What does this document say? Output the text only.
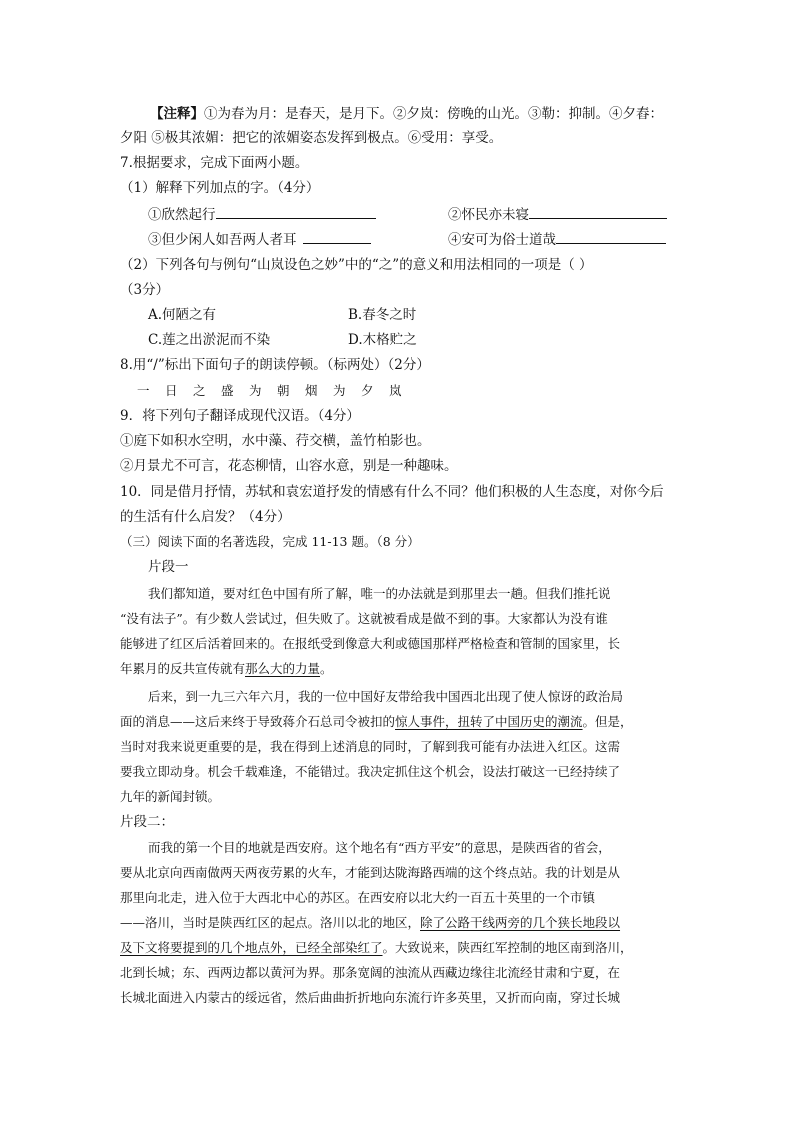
【注释】①为春为月：是春天，是月下。②夕岚：傍晚的山光。③勒：抑制。④夕舂：
夕阳 ⑤极其浓媚：把它的浓媚姿态发挥到极点。⑥受用：享受。
7.根据要求，完成下面两小题。
（1）解释下列加点的字。（4分）
①欣然起行	②怀民亦未寝
③但少闲人如吾两人者耳	④安可为俗士道哉
（2）下列各句与例句“山岚设色之妙”中的“之”的意义和用法相同的一项是（ ）
（3分）
A.何陋之有	B.春冬之时
C.莲之出淤泥而不染	D.木格贮之
8.用“/”标出下面句子的朗读停顿。（标两处）（2分）
一日之盛为朝烟为夕岚
9．将下列句子翻译成现代汉语。（4分）
①庭下如积水空明，水中藻、荇交横，盖竹柏影也。
②月景尤不可言，花态柳情，山容水意，别是一种趣味。
10．同是借月抒情，苏轼和袁宏道抒发的情感有什么不同？他们积极的人生态度，对你今后
的生活有什么启发？（4分）
（三）阅读下面的名著选段，完成 11-13 题。（8 分）
片段一
我们都知道，要对红色中国有所了解，唯一的办法就是到那里去一趟。但我们推托说
“没有法子”。有少数人尝试过，但失败了。这就被看成是做不到的事。大家都认为没有谁
能够进了红区后活着回来的。在报纸受到像意大利或德国那样严格检查和管制的国家里，长
年累月的反共宣传就有那么大的力量。
后来，到一九三六年六月，我的一位中国好友带给我中国西北出现了使人惊讶的政治局
面的消息——这后来终于导致蒋介石总司令被扣的惊人事件，扭转了中国历史的潮流。但是，
当时对我来说更重要的是，我在得到上述消息的同时，了解到我可能有办法进入红区。这需
要我立即动身。机会千载难逢，不能错过。我决定抓住这个机会，设法打破这一已经持续了
九年的新闻封锁。
片段二：
而我的第一个目的地就是西安府。这个地名有“西方平安”的意思，是陕西省的省会，
要从北京向西南做两天两夜劳累的火车，才能到达陇海路西端的这个终点站。我的计划是从
那里向北走，进入位于大西北中心的苏区。在西安府以北大约一百五十英里的一个市镇
——洛川，当时是陕西红区的起点。洛川以北的地区，除了公路干线两旁的几个狭长地段以
及下文将要提到的几个地点外，已经全部染红了。大致说来，陕西红军控制的地区南到洛川，
北到长城；东、西两边都以黄河为界。那条宽阔的浊流从西藏边缘往北流经甘肃和宁夏，在
长城北面进入内蒙古的绥远省，然后曲曲折折地向东流行许多英里，又折而向南，穿过长城
